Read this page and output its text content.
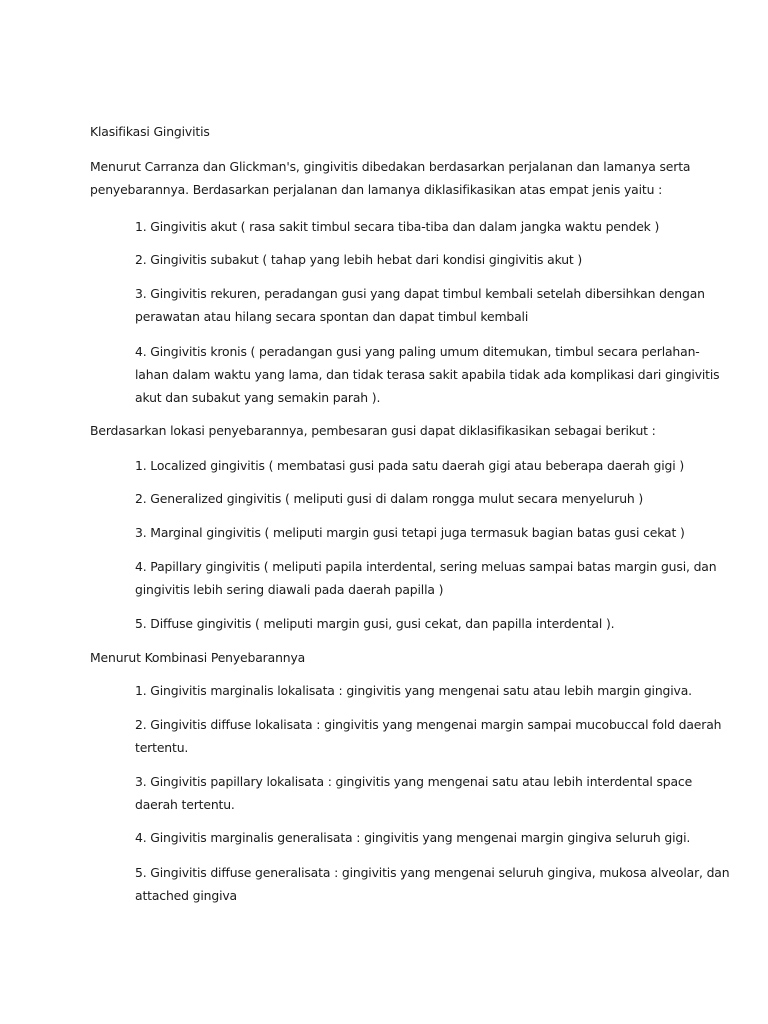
Klasifikasi Gingivitis

Menurut Carranza dan Glickman's, gingivitis dibedakan berdasarkan perjalanan dan lamanya serta
penyebarannya. Berdasarkan perjalanan dan lamanya diklasifikasikan atas empat jenis yaitu :

1. Gingivitis akut ( rasa sakit timbul secara tiba-tiba dan dalam jangka waktu pendek )

2. Gingivitis subakut ( tahap yang lebih hebat dari kondisi gingivitis akut )

3. Gingivitis rekuren, peradangan gusi yang dapat timbul kembali setelah dibersihkan dengan
perawatan atau hilang secara spontan dan dapat timbul kembali

4. Gingivitis kronis ( peradangan gusi yang paling umum ditemukan, timbul secara perlahan-
lahan dalam waktu yang lama, dan tidak terasa sakit apabila tidak ada komplikasi dari gingivitis
akut dan subakut yang semakin parah ).

Berdasarkan lokasi penyebarannya, pembesaran gusi dapat diklasifikasikan sebagai berikut :

1. Localized gingivitis ( membatasi gusi pada satu daerah gigi atau beberapa daerah gigi )

2. Generalized gingivitis ( meliputi gusi di dalam rongga mulut secara menyeluruh )

3. Marginal gingivitis ( meliputi margin gusi tetapi juga termasuk bagian batas gusi cekat )

4. Papillary gingivitis ( meliputi papila interdental, sering meluas sampai batas margin gusi, dan
gingivitis lebih sering diawali pada daerah papilla )

5. Diffuse gingivitis ( meliputi margin gusi, gusi cekat, dan papilla interdental ).

Menurut Kombinasi Penyebarannya

1. Gingivitis marginalis lokalisata : gingivitis yang mengenai satu atau lebih margin gingiva.

2. Gingivitis diffuse lokalisata : gingivitis yang mengenai margin sampai mucobuccal fold daerah
tertentu.

3. Gingivitis papillary lokalisata : gingivitis yang mengenai satu atau lebih interdental space
daerah tertentu.

4. Gingivitis marginalis generalisata : gingivitis yang mengenai margin gingiva seluruh gigi.

5. Gingivitis diffuse generalisata : gingivitis yang mengenai seluruh gingiva, mukosa alveolar, dan
attached gingiva
